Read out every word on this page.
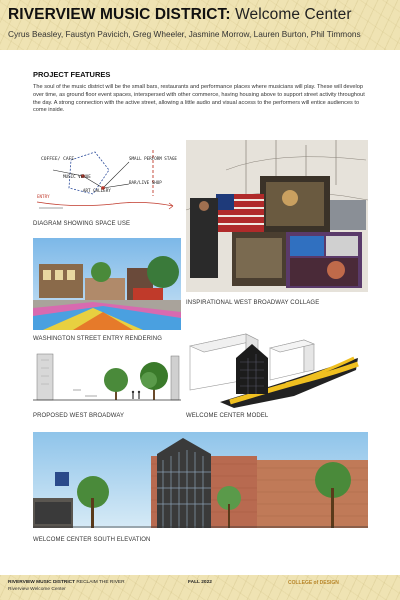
RIVERVIEW MUSIC DISTRICT: Welcome Center
Cyrus Beasley, Faustyn Pavicich, Greg Wheeler, Jasmine Morrow, Lauren Burton, Phil Timmons
PROJECT FEATURES
The soul of the music district will be the small bars, restaurants and performance places where musicians will play. These will develop over time, as ground floor event spaces, interspersed with other commerce, having housing above to support street activity throughout the day. A strong connection with the active street, allowing a little audio and visual access to the performers will entice audiences to come inside.
COFFEE/ CAFE
MUSIC VENUE
ART GALLERY
SMALL PERFORM STAGE
BAR/LIVE SHOP
ENTRY
DIAGRAM SHOWING SPACE USE
INSPIRATIONAL WEST BROADWAY COLLAGE
WASHINGTON STREET ENTRY RENDERING
PROPOSED WEST BROADWAY	WELCOME CENTER MODEL
WELCOME CENTER SOUTH ELEVATION
RIVERVIEW MUSIC DISTRICT RECLAIM THE RIVER
Riverview Welcome Center
FALL 2022	COLLEGE of DESIGN
